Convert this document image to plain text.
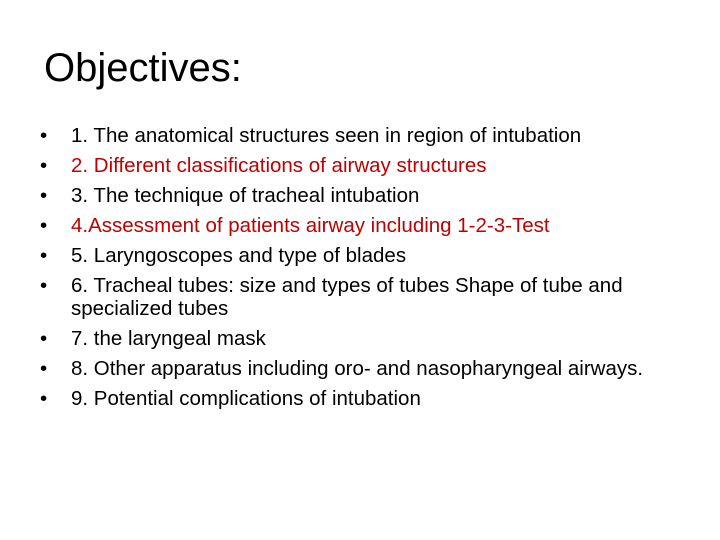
Objectives:
•	1. The anatomical structures seen in region of intubation
•	2. Different classifications of airway structures
•	3. The technique of tracheal intubation
•	4.Assessment of patients airway including 1-2-3-Test
•	5. Laryngoscopes and type of blades
•	6. Tracheal tubes: size and types of tubes Shape of tube and specialized tubes
•	7. the laryngeal mask
•	8. Other apparatus including oro- and nasopharyngeal airways.
•	9. Potential complications of intubation
